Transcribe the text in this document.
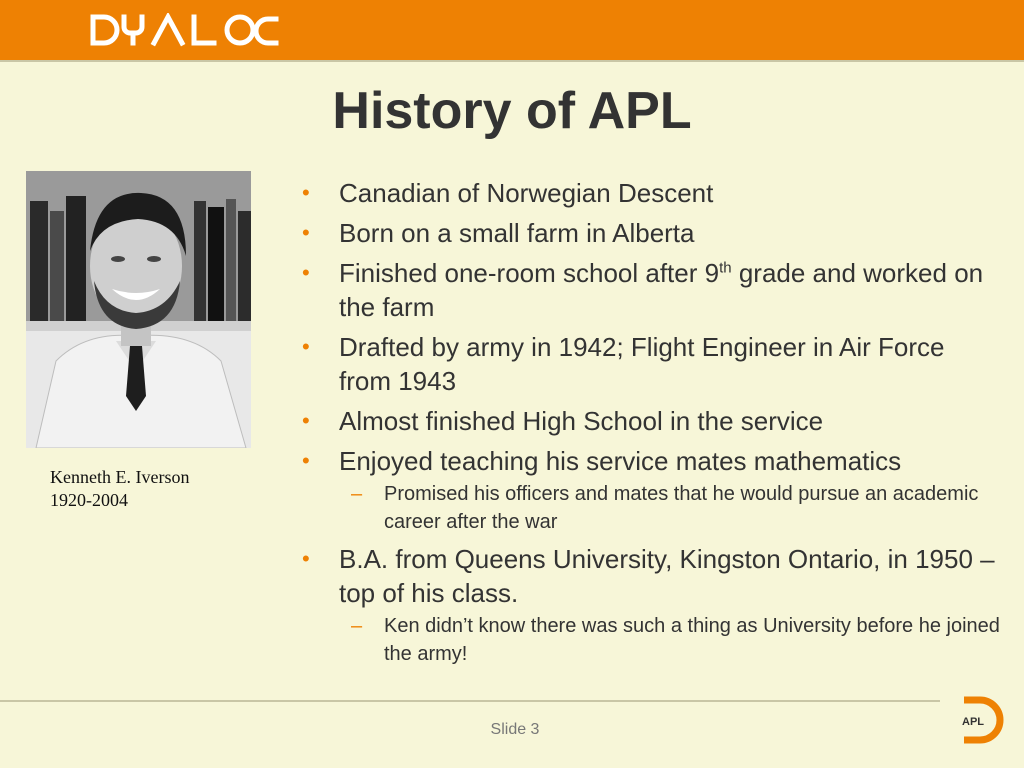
History of APL
Kenneth E. Iverson
1920-2004
• Canadian of Norwegian Descent
• Born on a small farm in Alberta
• Finished one-room school after 9th grade and worked on the farm
• Drafted by army in 1942; Flight Engineer in Air Force from 1943
• Almost finished High School in the service
• Enjoyed teaching his service mates mathematics
– Promised his officers and mates that he would pursue an academic career after the war
• B.A. from Queens University, Kingston Ontario, in 1950 – top of his class.
– Ken didn’t know there was such a thing as University before he joined the army!
Slide 3	APL
